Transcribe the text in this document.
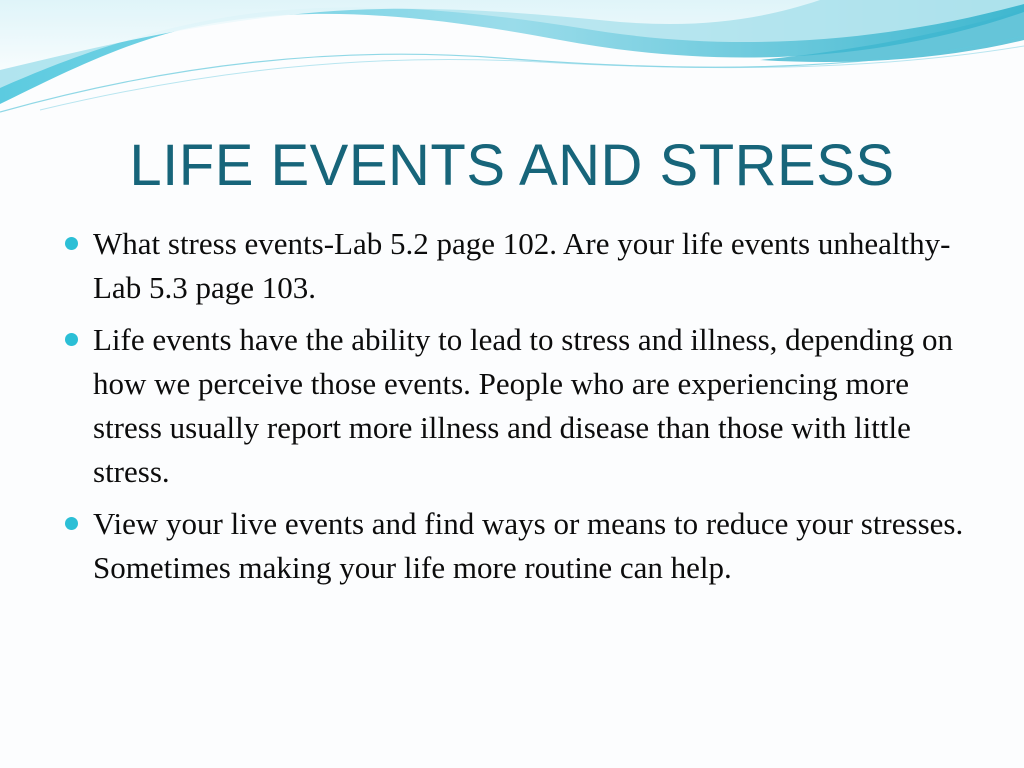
LIFE EVENTS AND STRESS
What stress events-Lab 5.2 page 102. Are your life events unhealthy- Lab 5.3 page 103.
Life events have the ability to lead to stress and illness, depending on how we perceive those events. People who are experiencing more stress usually report more illness and disease than those with little stress.
View your live events and find ways or means to reduce your stresses. Sometimes making your life more routine can help.
